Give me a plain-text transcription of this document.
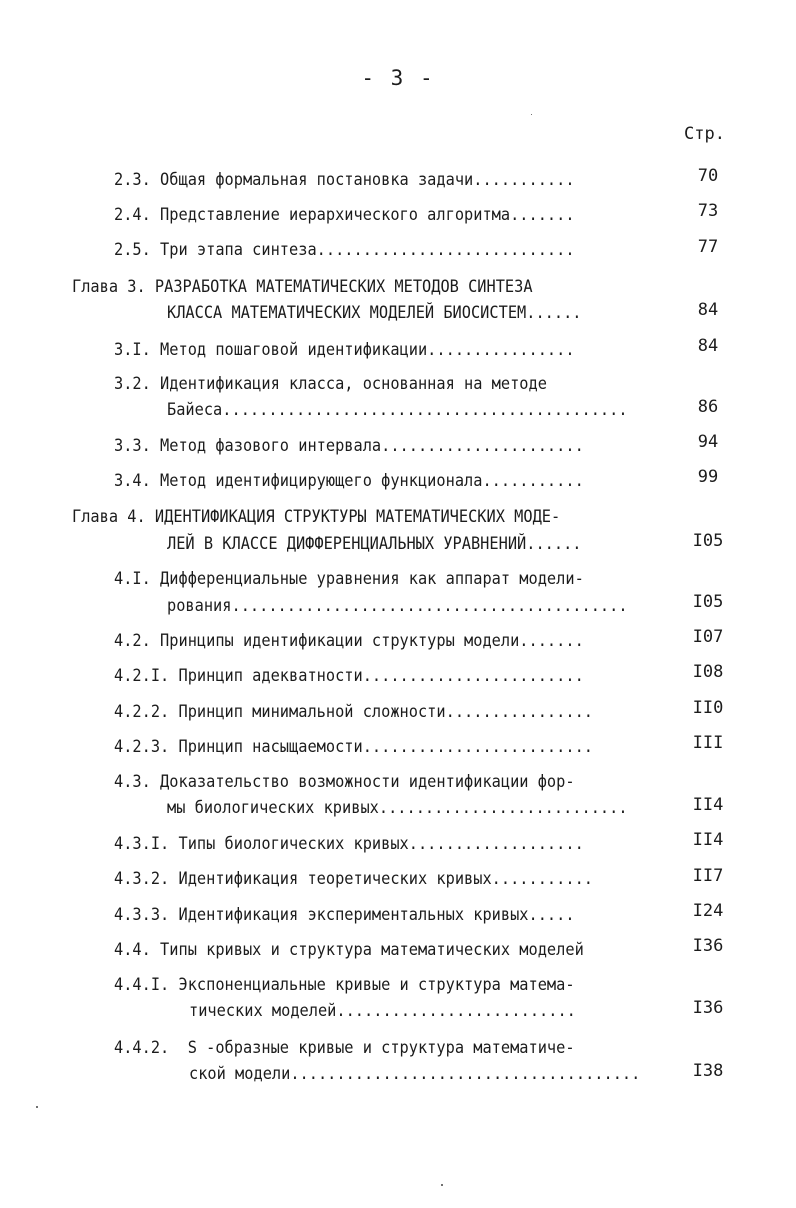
- 3 -
Стр.
2.3. Общая формальная постановка задачи...........	70
2.4. Представление иерархического алгоритма.......	73
2.5. Три этапа синтеза............................	77
Глава 3. РАЗРАБОТКА МАТЕМАТИЧЕСКИХ МЕТОДОВ СИНТЕЗА
КЛАССА МАТЕМАТИЧЕСКИХ МОДЕЛЕЙ БИОСИСТЕМ......	84
3.I. Метод пошаговой идентификации................	84
3.2. Идентификация класса, основанная на методе
Байеса............................................	86
3.3. Метод фазового интервала......................	94
3.4. Метод идентифицирующего функционала...........	99
Глава 4. ИДЕНТИФИКАЦИЯ СТРУКТУРЫ МАТЕМАТИЧЕСКИХ МОДЕ-
ЛЕЙ В КЛАССЕ ДИФФЕРЕНЦИАЛЬНЫХ УРАВНЕНИЙ......	I05
4.I. Дифференциальные уравнения как аппарат модели-
рования...........................................	I05
4.2. Принципы идентификации структуры модели.......	I07
4.2.I. Принцип адекватности........................	I08
4.2.2. Принцип минимальной сложности................	II0
4.2.3. Принцип насыщаемости.........................	III
4.3. Доказательство возможности идентификации фор-
мы биологических кривых...........................	II4
4.3.I. Типы биологических кривых...................	II4
4.3.2. Идентификация теоретических кривых...........	II7
4.3.3. Идентификация экспериментальных кривых.....	I24
4.4. Типы кривых и структура математических моделей	I36
4.4.I. Экспоненциальные кривые и структура матема-
тических моделей..........................	I36
4.4.2.  S -образные кривые и структура математиче-
ской модели......................................	I38
